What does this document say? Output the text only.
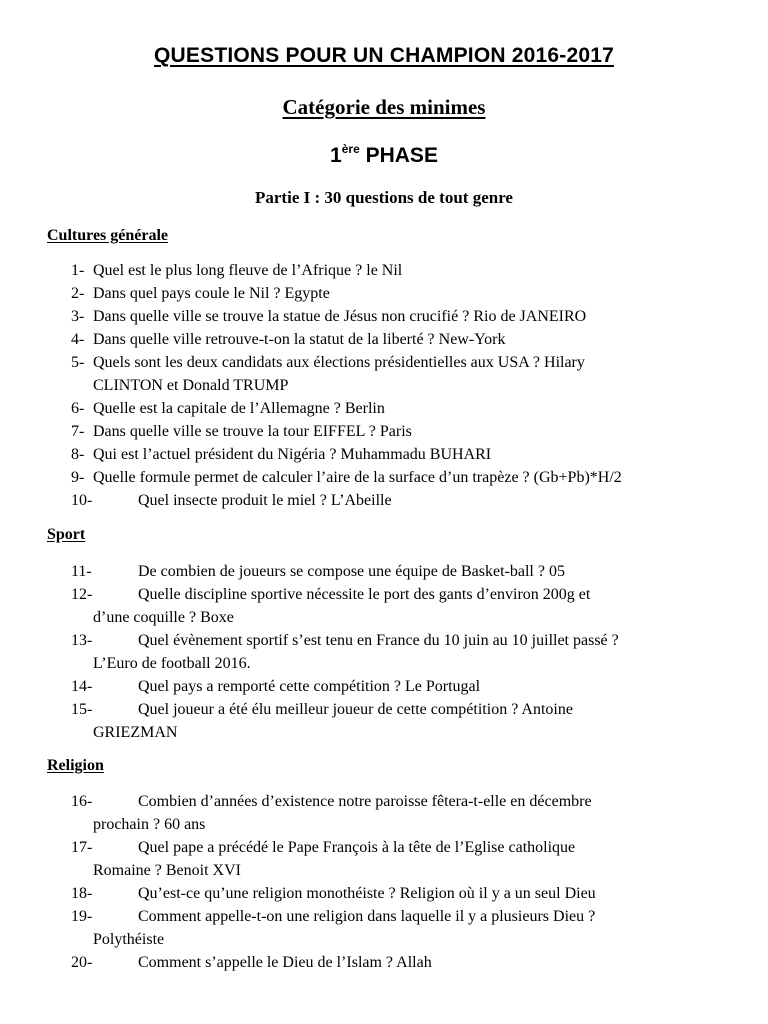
QUESTIONS POUR UN CHAMPION 2016-2017
Catégorie des minimes
1ère PHASE
Partie I : 30 questions de tout genre
Cultures générale
1- Quel est le plus long fleuve de l’Afrique ? le Nil
2- Dans quel pays coule le Nil ? Egypte
3- Dans quelle ville se trouve la statue de Jésus non crucifié ? Rio de JANEIRO
4- Dans quelle ville retrouve-t-on la statut de la liberté ? New-York
5- Quels sont les deux candidats aux élections présidentielles aux USA ? Hilary
CLINTON et Donald TRUMP
6- Quelle est la capitale de l’Allemagne ? Berlin
7- Dans quelle ville se trouve la tour EIFFEL ? Paris
8- Qui est l’actuel président du Nigéria ? Muhammadu BUHARI
9- Quelle formule permet de calculer l’aire de la surface d’un trapèze ? (Gb+Pb)*H/2
10-	Quel insecte produit le miel ? L’Abeille
Sport
11-	De combien de joueurs se compose une équipe de Basket-ball ? 05
12-	Quelle discipline sportive nécessite le port des gants d’environ 200g et
d’une coquille ? Boxe
13-	Quel évènement sportif s’est tenu en France du 10 juin au 10 juillet passé ?
L’Euro de football 2016.
14-	Quel pays a remporté cette compétition ? Le Portugal
15-	Quel joueur a été élu meilleur joueur de cette compétition ? Antoine
GRIEZMAN
Religion
16-	Combien d’années d’existence notre paroisse fêtera-t-elle en décembre
prochain ? 60 ans
17-	Quel pape a précédé le Pape François à la tête de l’Eglise catholique
Romaine ? Benoit XVI
18-	Qu’est-ce qu’une religion monothéiste ? Religion où il y a un seul Dieu
19-	Comment appelle-t-on une religion dans laquelle il y a plusieurs Dieu ?
Polythéiste
20-	Comment s’appelle le Dieu de l’Islam ? Allah
